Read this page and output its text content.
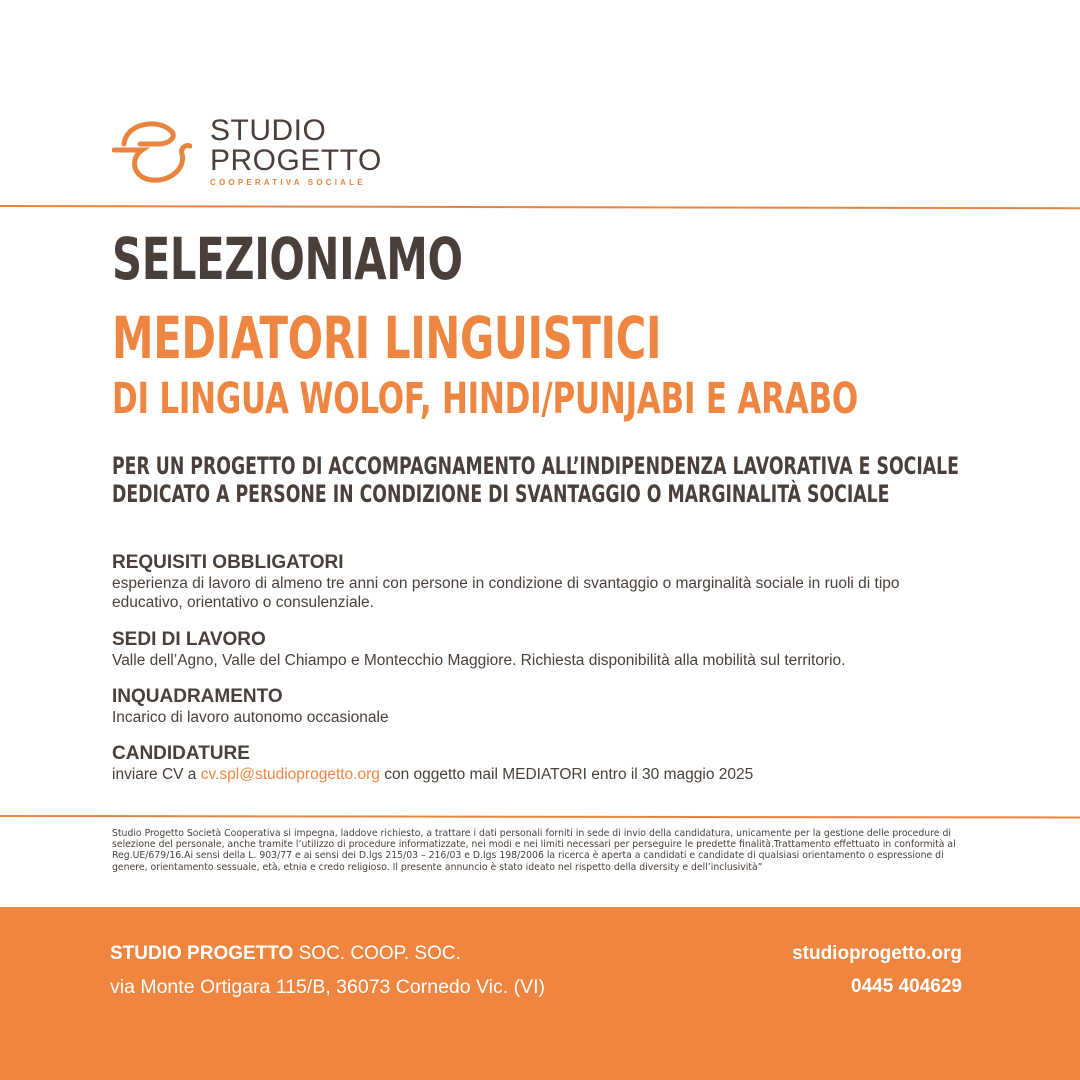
STUDIO
PROGETTO
COOPERATIVA SOCIALE
SELEZIONIAMO
MEDIATORI LINGUISTICI
DI LINGUA WOLOF, HINDI/PUNJABI E ARABO
PER UN PROGETTO DI ACCOMPAGNAMENTO ALL’INDIPENDENZA LAVORATIVA E SOCIALE
DEDICATO A PERSONE IN CONDIZIONE DI SVANTAGGIO O MARGINALITÀ SOCIALE
REQUISITI OBBLIGATORI
esperienza di lavoro di almeno tre anni con persone in condizione di svantaggio o marginalità sociale in ruoli di tipo educativo, orientativo o consulenziale.
SEDI DI LAVORO
Valle dell’Agno, Valle del Chiampo e Montecchio Maggiore. Richiesta disponibilità alla mobilità sul territorio.
INQUADRAMENTO
Incarico di lavoro autonomo occasionale
CANDIDATURE
inviare CV a cv.spl@studioprogetto.org con oggetto mail MEDIATORI entro il 30 maggio 2025
Studio Progetto Società Cooperativa si impegna, laddove richiesto, a trattare i dati personali forniti in sede di invio della candidatura, unicamente per la gestione delle procedure di selezione del personale, anche tramite l’utilizzo di procedure informatizzate, nei modi e nei limiti necessari per perseguire le predette finalità.Trattamento effettuato in conformità al Reg.UE/679/16.Ai sensi della L. 903/77 e ai sensi dei D.lgs 215/03 – 216/03 e D.lgs 198/2006 la ricerca è aperta a candidati e candidate di qualsiasi orientamento o espressione di genere, orientamento sessuale, età, etnia e credo religioso. Il presente annuncio è stato ideato nel rispetto della diversity e dell’inclusività”
STUDIO PROGETTO SOC. COOP. SOC.
via Monte Ortigara 115/B, 36073 Cornedo Vic. (VI)
studioprogetto.org
0445 404629
